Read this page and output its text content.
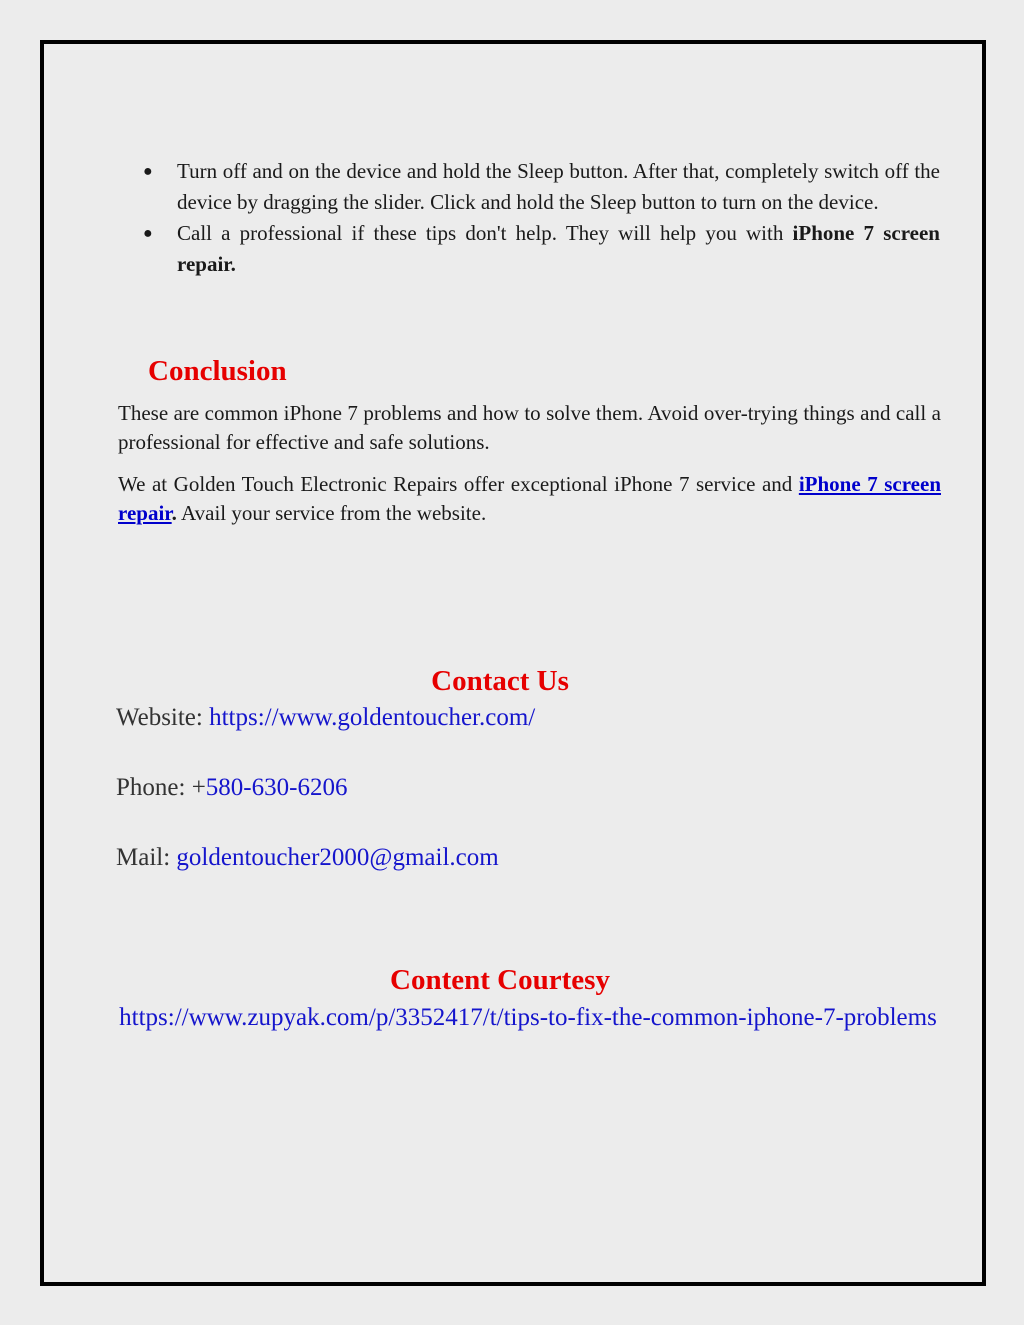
● Turn off and on the device and hold the Sleep button. After that, completely switch off the device by dragging the slider. Click and hold the Sleep button to turn on the device.
● Call a professional if these tips don't help. They will help you with iPhone 7 screen repair.
Conclusion

These are common iPhone 7 problems and how to solve them. Avoid over-trying things and call a professional for effective and safe solutions.

We at Golden Touch Electronic Repairs offer exceptional iPhone 7 service and iPhone 7 screen repair. Avail your service from the website.

Contact Us

Website: https://www.goldentoucher.com/

Phone: +580-630-6206

Mail: goldentoucher2000@gmail.com

Content Courtesy

https://www.zupyak.com/p/3352417/t/tips-to-fix-the-common-iphone-7-problems
